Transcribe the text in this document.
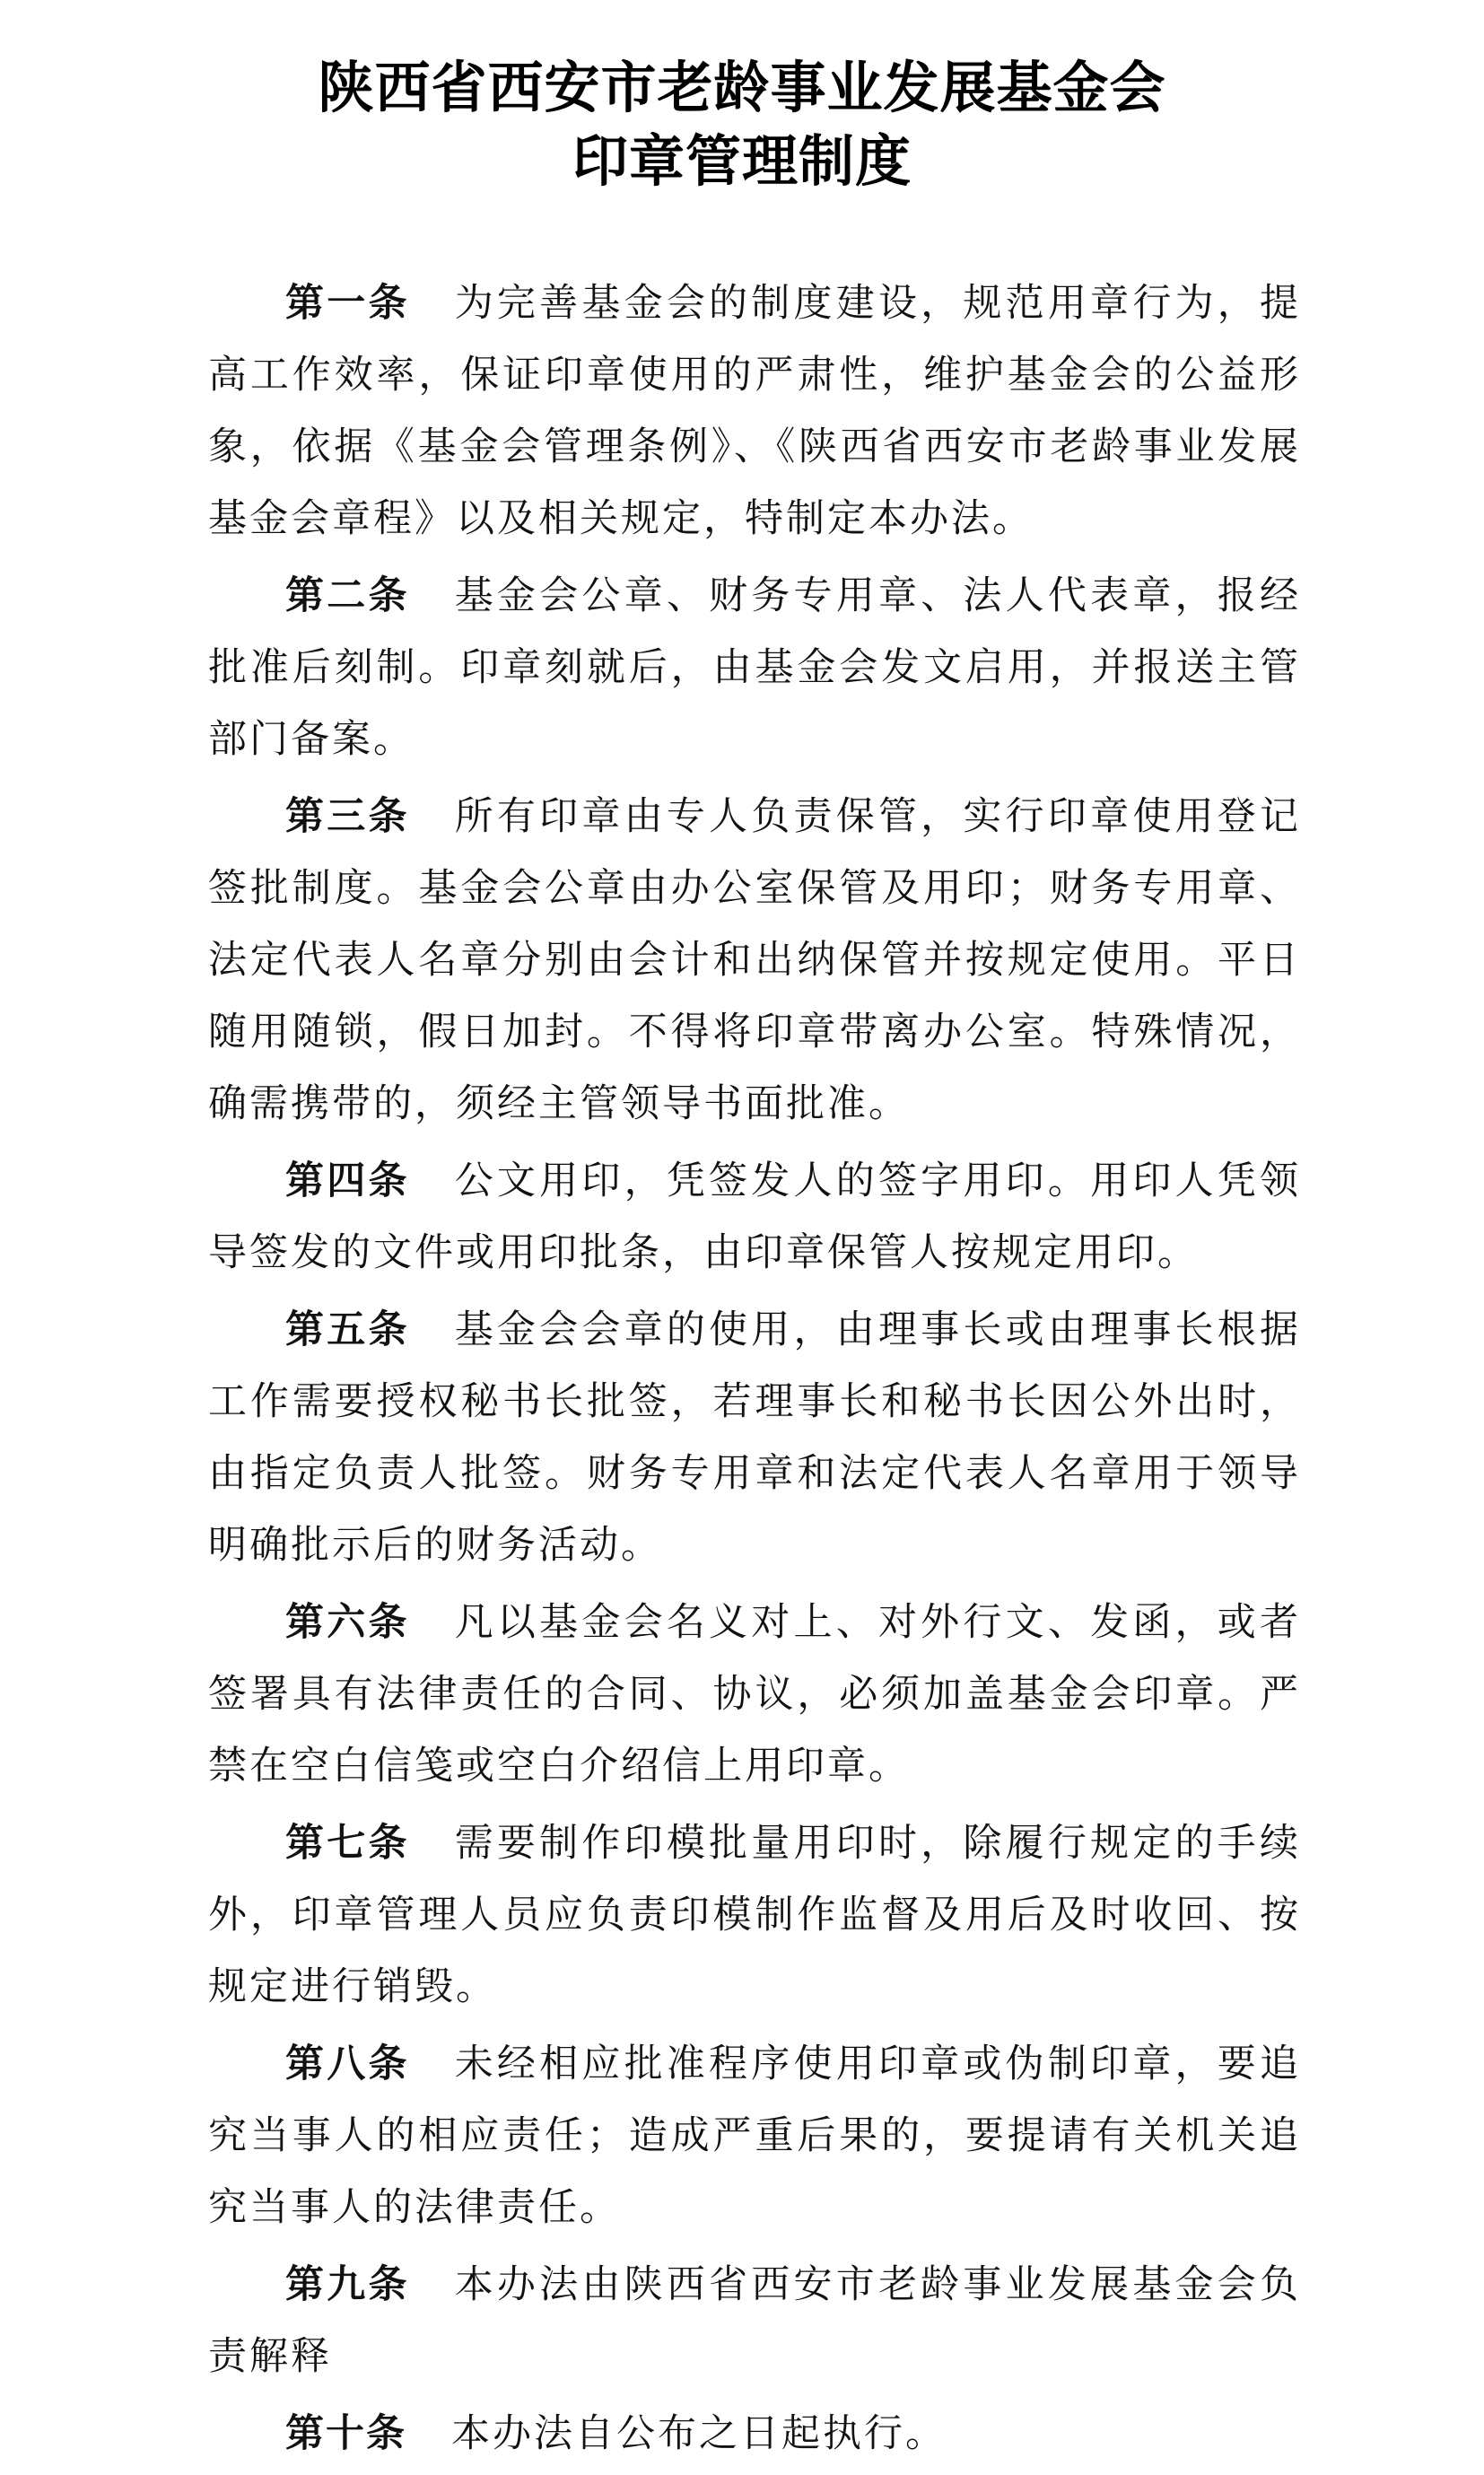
陕西省西安市老龄事业发展基金会
印章管理制度

第一条 为完善基金会的制度建设，规范用章行为，提高工作效率，保证印章使用的严肃性，维护基金会的公益形象，依据《基金会管理条例》、《陕西省西安市老龄事业发展基金会章程》以及相关规定，特制定本办法。

第二条 基金会公章、财务专用章、法人代表章，报经批准后刻制。印章刻就后，由基金会发文启用，并报送主管部门备案。

第三条 所有印章由专人负责保管，实行印章使用登记签批制度。基金会公章由办公室保管及用印；财务专用章、法定代表人名章分别由会计和出纳保管并按规定使用。平日随用随锁，假日加封。不得将印章带离办公室。特殊情况，确需携带的，须经主管领导书面批准。

第四条 公文用印，凭签发人的签字用印。用印人凭领导签发的文件或用印批条，由印章保管人按规定用印。

第五条 基金会会章的使用，由理事长或由理事长根据工作需要授权秘书长批签，若理事长和秘书长因公外出时，由指定负责人批签。财务专用章和法定代表人名章用于领导明确批示后的财务活动。

第六条 凡以基金会名义对上、对外行文、发函，或者签署具有法律责任的合同、协议，必须加盖基金会印章。严禁在空白信笺或空白介绍信上用印章。

第七条 需要制作印模批量用印时，除履行规定的手续外，印章管理人员应负责印模制作监督及用后及时收回、按规定进行销毁。

第八条 未经相应批准程序使用印章或伪制印章，要追究当事人的相应责任；造成严重后果的，要提请有关机关追究当事人的法律责任。

第九条 本办法由陕西省西安市老龄事业发展基金会负责解释

第十条 本办法自公布之日起执行。
